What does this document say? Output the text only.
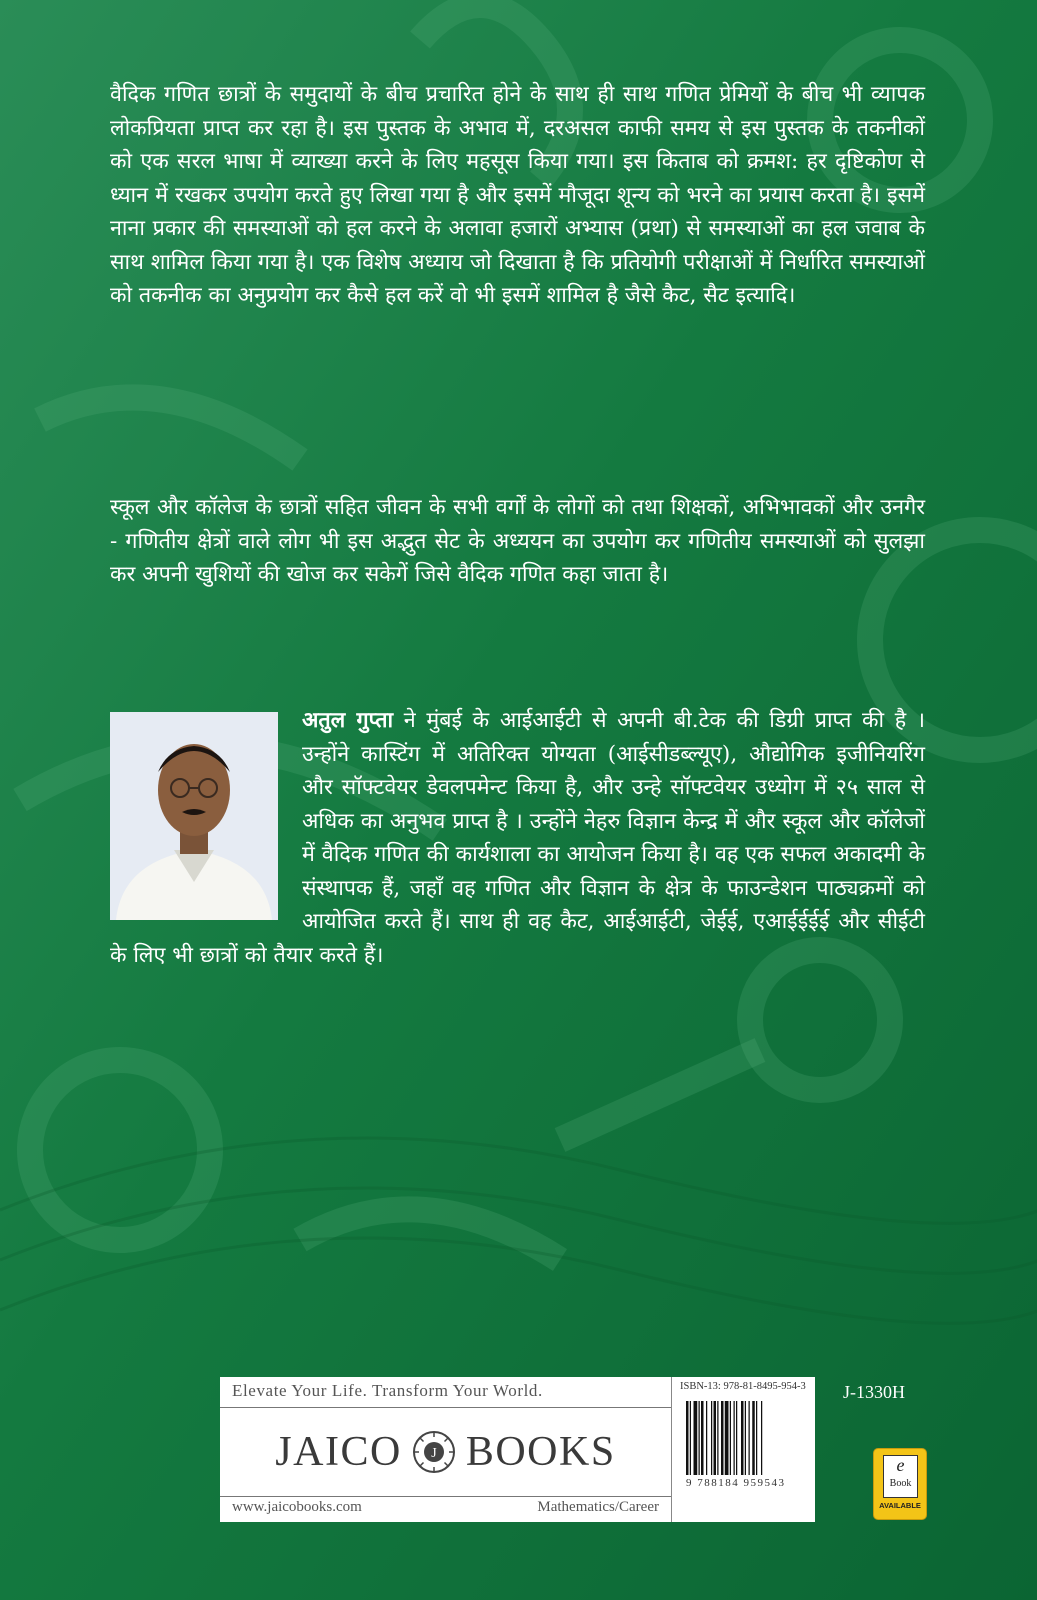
वैदिक गणित छात्रों के समुदायों के बीच प्रचारित होने के साथ ही साथ गणित प्रेमियों के बीच भी व्यापक लोकप्रियता प्राप्त कर रहा है। इस पुस्तक के अभाव में, दरअसल काफी समय से इस पुस्तक के तकनीकों को एक सरल भाषा में व्याख्या करने के लिए महसूस किया गया। इस किताब को क्रमश: हर दृष्टिकोण से ध्यान में रखकर उपयोग करते हुए लिखा गया है और इसमें मौजूदा शून्य को भरने का प्रयास करता है। इसमें नाना प्रकार की समस्याओं को हल करने के अलावा हजारों अभ्यास (प्रथा) से समस्याओं का हल जवाब के साथ शामिल किया गया है। एक विशेष अध्याय जो दिखाता है कि प्रतियोगी परीक्षाओं में निर्धारित समस्याओं को तकनीक का अनुप्रयोग कर कैसे हल करें वो भी इसमें शामिल है जैसे कैट, सैट इत्यादि।

स्कूल और कॉलेज के छात्रों सहित जीवन के सभी वर्गों के लोगों को तथा शिक्षकों, अभिभावकों और उनगैर - गणितीय क्षेत्रों वाले लोग भी इस अद्भुत सेट के अध्ययन का उपयोग कर गणितीय समस्याओं को सुलझा कर अपनी खुशियों की खोज कर सकेगें जिसे वैदिक गणित कहा जाता है।

अतुल गुप्ता ने मुंबई के आईआईटी से अपनी बी.टेक की डिग्री प्राप्त की है । उन्होंने कास्टिंग में अतिरिक्त योग्यता (आईसीडब्ल्यूए), औद्योगिक इजीनियरिंग और सॉफ्टवेयर डेवलपमेन्ट किया है, और उन्हे सॉफ्टवेयर उध्योग में २५ साल से अधिक का अनुभव प्राप्त है । उन्होंने नेहरु विज्ञान केन्द्र में और स्कूल और कॉलेजों में वैदिक गणित की कार्यशाला का आयोजन किया है। वह एक सफल अकादमी के संस्थापक हैं, जहाँ वह गणित और विज्ञान के क्षेत्र के फाउन्डेशन पाठ्यक्रमों को आयोजित करते हैं। साथ ही वह कैट, आईआईटी, जेईई, एआईईईई और सीईटी के लिए भी छात्रों को तैयार करते हैं।

Elevate Your Life. Transform Your World.
JAICO J BOOKS
www.jaicobooks.com	Mathematics/Career
ISBN-13: 978-81-8495-954-3
9 788184 959543
J-1330H
e
Book
AVAILABLE
